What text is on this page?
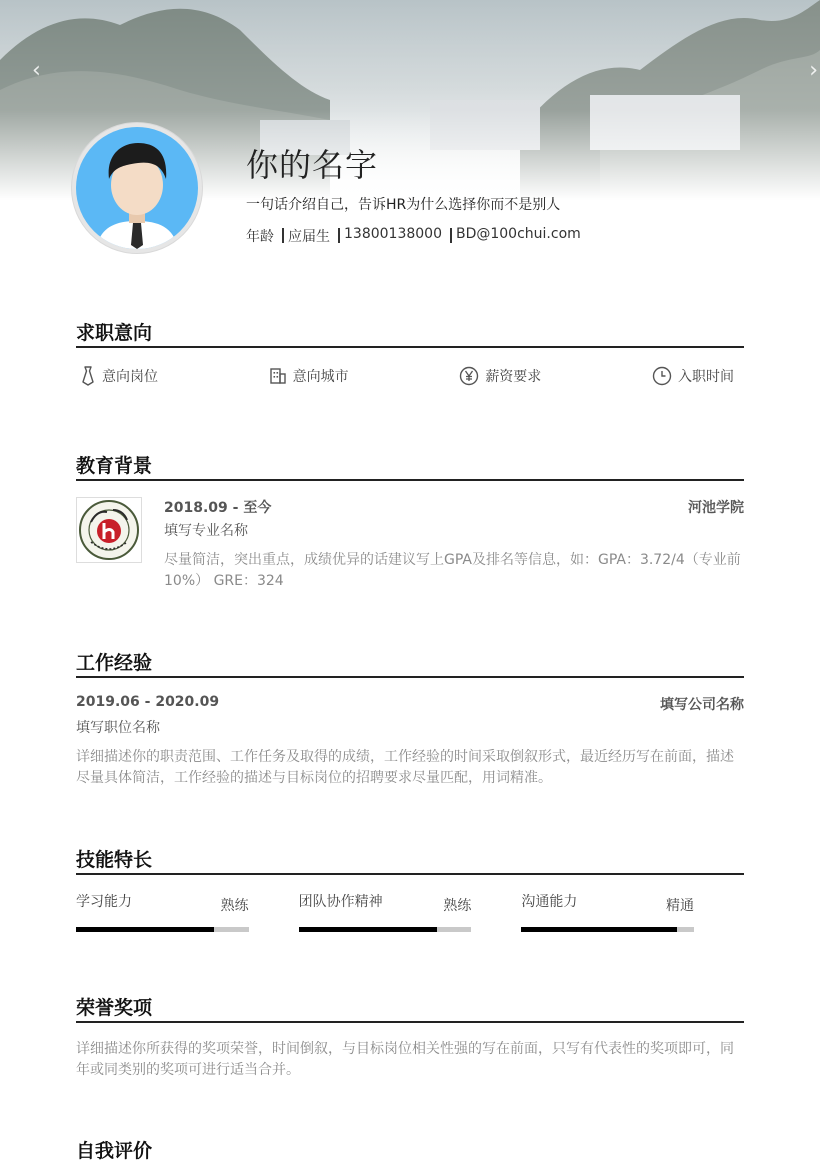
‹	›
你的名字
一句话介绍自己，告诉HR为什么选择你而不是别人
年龄 应届生 13800138000 BD@100chui.com
求职意向
意向岗位	意向城市	薪资要求	入职时间
教育背景
2018.09 - 至今	河池学院
填写专业名称
尽量简洁，突出重点，成绩优异的话建议写上GPA及排名等信息，如：GPA：3.72/4（专业前10%） GRE：324
工作经验
2019.06 - 2020.09	填写公司名称
填写职位名称
详细描述你的职责范围、工作任务及取得的成绩，工作经验的时间采取倒叙形式，最近经历写在前面，描述尽量具体简洁，工作经验的描述与目标岗位的招聘要求尽量匹配，用词精准。
技能特长
学习能力	熟练	团队协作精神	熟练	沟通能力	精通
荣誉奖项
详细描述你所获得的奖项荣誉，时间倒叙，与目标岗位相关性强的写在前面，只写有代表性的奖项即可，同年或同类别的奖项可进行适当合并。
自我评价
